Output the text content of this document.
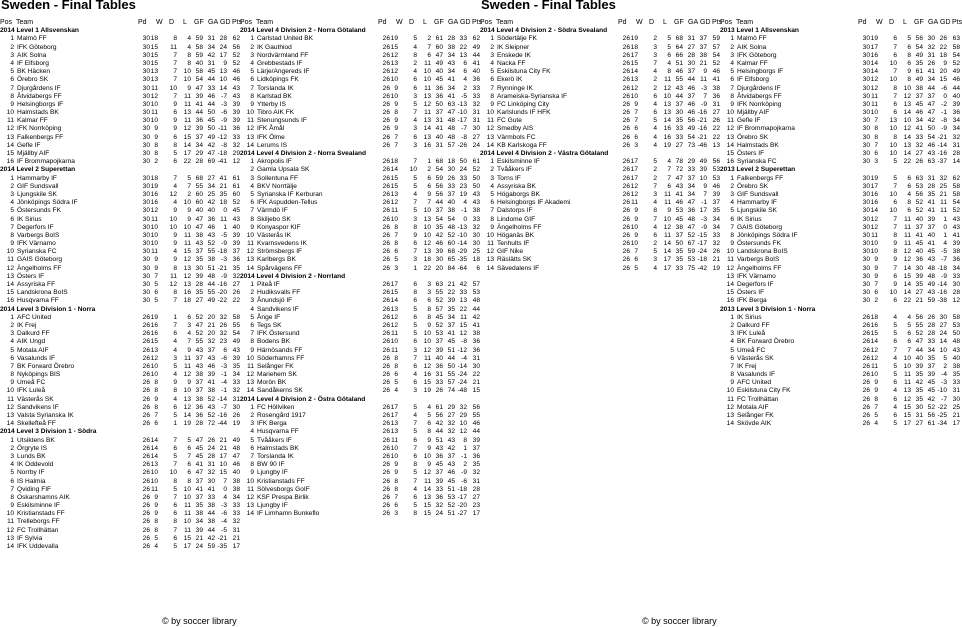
Sweden - Final Tables
Pos Team	Pd W D L GF GA GD Pts
2014 Level 1 Allsvenskan
1 Malmö FF	30 18	8	4 59 31 28 62
2 IFK Göteborg	30 15	11	4 58 34 24 56
3 AIK Solna	30 15	7	8 59 42 17 52
4 IF Elfsborg	30 15	7	8 40 31	9 52
5 BK Häcken	30 13	7	10 58 45 13 46
6 Örebro SK	30 13	7	10 54 44 10 46
7 Djurgårdens IF	30 11	10	9 47 33 14 43
8 Åtvidabergs FF	30 12	7	11 39 46 -7 43
9 Helsingborgs IF	30 10	9	11 41 44 -3 39
10 Halmstads BK	30 11	6	13 44 50 -6 39
11 Kalmar FF	30 10	9	11 36 45 -9 39
12 IFK Norrköping	30 9	9	12 39 50 -11 36
13 Falkenbergs FF	30 9	6	15 37 49 -12 33
14 Gefle IF	30 8	8	14 34 42 -8 32
15 Mjällby AIF	30 8	5	17 29 47 -18 29
16 IF Brommapojkarna	30 2	6	22 28 69 -41 12
2014 Level 2 Superettan
1 Hammarby IF	30 18	7	5 68 27 41 61
2 GIF Sundsvall	30 19	4	7 55 34 21 61
3 Ljungskile SK	30 16	12	2 60 25 35 60
4 Jönköpings Södra IF	30 16	4	10 60 42 18 52
5 Östersunds FK	30 12	9	9 40 40	0 45
6 IK Sirius	30 11	10	9 47 36 11 43
7 Degerfors IF	30 10	10	10 47 46	1 40
8 Varbergs BoIS	30 10	9	11 38 43 -5 39
9 IFK Värnamo	30 10	9	11 43 52 -9 39
10 Syrianska FC	30 11	4	15 37 55 -18 37
11 GAIS Göteborg	30 9	9	12 35 38 -3 36
12 Ängelholms FF	30 9	8	13 30 51 -21 35
13 Östers IF	30 7	11	12 39 48 -9 32
14 Assyriska FF	30 5	12	13 28 44 -16 27
15 Landskrona BoIS	30 6	8	16 35 55 -20 26
16 Husqvarna FF	30 5	7	18 27 49 -22 22
2014 Level 3 Division 1 - Norra
1 AFC United	26 19	1	6 52 20 32 58
2 IK Frej	26 16	7	3 47 21 26 55
3 Dalkurd FF	26 16	6	4 52 20 32 54
4 AIK Ungd	26 15	4	7 55 32 23 49
5 Motala AIF	26 13	4	9 43 37	6 43
6 Vasalunds IF	26 12	3	11 37 43 -6 39
7 BK Forward Örebro	26 10	5	11 43 46 -3 35
8 Nyköpings BIS	26 10	4	12 38 39 -1 34
9 Umeå FC	26 8	9	9 37 41 -4 33
10 IFK Luleå	26 8	8	10 37 38 -1 32
11 Västerås SK	26 9	4	13 38 52 -14 31
12 Sandvikens IF	26 8	6	12 36 43 -7 30
13 Valsta Syrianska IK	26 7	5	14 36 52 -16 26
14 Skellefteå FF	26 6	1	19 28 72 -44 19
2014 Level 3 Division 1 - Södra
1 Utsiktens BK	26 14	7	5 47 26 21 49
2 Örgryte IS	26 14	6	6 45 24 21 48
3 Lunds BK	26 14	5	7 45 28 17 47
4 IK Oddevold	26 13	7	6 41 31 10 46
5 Norrby IF	26 10	10	6 47 32 15 40
6 IS Halmia	26 10	8	8 37 30	7 38
7 Qviding FIF	26 11	5	10 41 41	0 38
8 Oskarshamns AIK	26 9	7	10 37 33	4 34
9 Eskilsminne IF	26 9	6	11 35 38 -3 33
10 Kristianstads FF	26 9	6	11 38 44 -6 33
11 Trelleborgs FF	26 8	8	10 34 38 -4 32
12 FC Trollhättan	26 8	7	11 39 44 -5 31
13 IF Sylvia	26 5	6	15 21 42 -21 21
14 IFK Uddevalla	26 4	5	17 24 59 -35 17
Pos Team	Pd W D L GF GA GD Pts
2014 Level 4 Division 2 - Norra Götaland
1 Carlstad United BK	26 19	5	2 61 28 33 62
2 IK Gauthiod	26 15	4	7 60 38 22 49
3 Nordvärmland FF	26 12	8	6 47 34 13 44
4 Grebbestads IF	26 13	2	11 49 43	6 41
5 Lärje/Angereds IF	26 12	4	10 40 34	6 40
6 Lidköpings FK	26 10	6	10 45 41	4 36
7 Torslanda IK	26 9	6	11 36 34	2 33
8 Karlstad BK	26 10	3	13 36 41 -5 33
9 Ytterby IS	26 9	5	12 50 63 -13 32
10 Tibro AIK FK	26 8	7	11 37 47 -10 31
11 Stenungsunds IF	26 9	4	13 31 48 -17 31
12 IFK Åmål	26 9	3	14 41 48 -7 30
13 IFK Ölme	26 7	6	13 40 48 -8 27
14 Lerums IS	26 7	3	16 31 57 -26 24
2014 Level 4 Division 2 - Norra Svealand
1 Akropolis IF	26 18	7	1 68 18 50 61
2 Gamla Upsala SK	26 14	10	2 54 30 24 52
3 Sollentuna FF	26 15	5	6 59 26 33 50
4 BKV Norrtälje	26 15	5	6 56 33 23 50
5 Syrianska IF Kerburan	26 13	4	9 56 37 19 43
6 IFK Aspudden-Tellus	26 12	7	7 44 40	4 43
7 Värmdö IF	26 11	5	10 37 38 -1 38
8 Skiljebo SK	26 10	3	13 54 54	0 33
9 Konyaspor KIF	26 8	8	10 35 48 -13 32
10 Västerås IK	26 7	9	10 42 52 -10 30
11 Kvarnsvedens IK	26 8	6	12 46 60 -14 30
12 Strömsbergs IF	26 6	7	13 39 68 -29 25
13 Karlbergs BK	26 5	3	18 30 65 -35 18
14 Spårvägens FF	26 3	1	22 20 84 -64	6
2014 Level 4 Division 2 - Norrland
1 Piteå IF	26 17	6	3 63 21 42 57
2 Hudiksvalls FF	26 15	8	3 55 22 33 53
3 Ånundsjö IF	26 14	6	6 52 39 13 48
4 Sandvikens IF	26 13	5	8 57 35 22 44
5 Ånge IF	26 12	6	8 45 34 11 42
6 Tegs SK	26 12	5	9 52 37 15 41
7 IFK Östersund	26 11	5	10 53 41 12 38
8 Bodens BK	26 10	6	10 37 45 -8 36
9 Härnösands FF	26 11	3	12 39 51 -12 36
10 Söderhamns FF	26 8	7	11 40 44 -4 31
11 Selånger FK	26 8	6	12 36 50 -14 30
12 Mariehem SK	26 6	4	16 31 55 -24 22
13 Morön BK	26 5	6	15 33 57 -24 21
14 Sandåkerns SK	26 4	3	19 26 74 -48 15
2014 Level 4 Division 2 - Östra Götaland
1 FC Höllviken	26 17	5	4 61 29 32 56
2 Rosengård 1917	26 17	4	5 56 27 29 55
3 IFK Berga	26 13	7	6 42 32 10 46
4 Husqvarna FF	26 13	5	8 44 32 12 44
5 Tvååkers IF	26 11	6	9 51 43	8 39
6 Halmstads BK	26 10	7	9 43 42	1 37
7 Torslanda IK	26 10	6	10 36 37 -1 36
8 BW 90 IF	26 9	8	9 45 43	2 35
9 Ljungby IF	26 9	5	12 37 46 -9 32
10 Kristianstads FF	26 8	7	11 39 45 -6 31
11 Sölvesborgs GoIF	26 8	4	14 33 51 -18 28
12 KSF Prespa Birlik	26 7	6	13 36 53 -17 27
13 Ljungby IF	26 6	5	15 32 52 -20 23
14 IF Limhamn Bunkeflo	26 3	8	15 24 51 -27 17
© by soccer library
Sweden - Final Tables
Pos Team	Pd W D L GF GA GD Pts
2014 Level 4 Division 2 - Södra Svealand
1 Södertälje FK	26 19	2	5 68 31 37 59
2 IK Sleipner	26 18	3	5 64 27 37 57
3 Enskede IK	26 17	3	6 66 28 38 54
4 Nacka FF	26 15	7	4 51 30 21 52
5 Eskilstuna City FK	26 14	4	8 46 37	9 46
6 Ekerö IK	26 13	2	11 55 44 11 41
7 Rynninge IK	26 12	2	12 43 46 -3 38
8 Arameiska-Syrianska IF	26 10	6	10 44 37	7 36
9 FC Linköping City	26 9	4	13 37 46 -9 31
10 Karlslunds IF HFK	26 7	6	13 30 46 -16 27
11 FC Gute	26 7	5	14 35 56 -21 26
12 Smedby AIS	26 6	4	16 33 49 -16 22
13 Värmbols FC	26 6	4	16 33 54 -21 22
14 KB Karlskoga FF	26 3	4	19 27 73 -46 13
2014 Level 4 Division 2 - Västra Götaland
1 Eskilsminne IF	26 17	5	4 78 29 49 56
2 Tvååkers IF	26 17	2	7 72 33 39 53
3 Torns IF	26 17	2	7 47 37 10 53
4 Assyriska BK	26 12	7	6 43 34	9 46
5 Högaborgs BK	26 12	3	11 41 34	7 39
6 Helsingborgs IF Akademi	26 11	4	11 46 47 -1 37
7 Dalstorps IF	26 9	8	9 53 36 17 35
8 Lindome GIF	26 9	7	10 45 48 -3 34
9 Ängelholms FF	26 10	4	12 38 47 -9 34
10 Höganäs BK	26 9	6	11 37 52 -15 33
11 Tenhults IF	26 10	2	14 50 67 -17 32
12 GIF Nike	26 7	5	14 35 59 -24 26
13 Räslätts SK	26 6	3	17 35 53 -18 21
14 Sävedalens IF	26 5	4	17 33 75 -42 19
Pos Team	Pd W D L GF GA GD Pts
2013 Level 1 Allsvenskan
1 Malmö FF	30 19	6	5 56 30 26 63
2 AIK Solna	30 17	7	6 54 32 22 58
3 IFK Göteborg	30 16	6	8 49 31 18 54
4 Kalmar FF	30 14	10	6 35 26	9 52
5 Helsingborgs IF	30 14	7	9 61 41 20 49
6 IF Elfsborg	30 12	10	8 49 34 15 46
7 Djurgårdens IF	30 12	8	10 38 44 -6 44
8 Åtvidabergs FF	30 11	7	12 37 37	0 40
9 IFK Norrköping	30 11	6	13 45 47 -2 39
10 Mjällby AIF	30 10	6	14 46 47 -1 36
11 Gefle IF	30 7	13	10 34 42 -8 34
12 IF Brommapojkarna	30 8	10	12 41 50 -9 34
13 Örebro SK	30 8	8	14 33 54 -21 32
14 Halmstads BK	30 7	10	13 32 46 -14 31
15 Östers IF	30 6	10	14 27 43 -16 28
16 Syrianska FC	30 3	5	22 26 63 -37 14
2013 Level 2 Superettan
1 Falkenbergs FF	30 19	5	6 63 31 32 62
2 Örebro SK	30 17	7	6 53 28 25 58
3 GIF Sundsvall	30 16	10	4 56 35 21 58
4 Hammarby IF	30 16	6	8 52 41 11 54
5 Ljungskile SK	30 14	10	6 52 41 11 52
6 IK Sirius	30 12	7	11 40 39	1 43
7 GAIS Göteborg	30 12	7	11 37 37	0 43
8 Jönköpings Södra IF	30 11	8	11 41 40	1 41
9 Östersunds FK	30 10	9	11 45 41	4 39
10 Landskrona BoIS	30 10	8	12 40 45 -5 38
11 Varbergs BoIS	30 9	9	12 36 43 -7 36
12 Ängelholms FF	30 9	7	14 30 48 -18 34
13 IFK Värnamo	30 9	6	15 39 48 -9 33
14 Degerfors IF	30 7	9	14 35 49 -14 30
15 Östers IF	30 6	10	14 27 43 -16 28
16 IFK Berga	30 2	6	22 21 59 -38 12
2013 Level 3 Division 1 - Norra
1 IK Sirius	26 18	4	4 56 26 30 58
2 Dalkurd FF	26 16	5	5 55 28 27 53
3 IFK Luleå	26 15	5	6 52 28 24 50
4 BK Forward Örebro	26 14	6	6 47 33 14 48
5 Umeå FC	26 12	7	7 44 34 10 43
6 Västerås SK	26 12	4	10 40 35	5 40
7 IK Frej	26 11	5	10 39 37	2 38
8 Vasalunds IF	26 10	5	11 35 39 -4 35
9 AFC United	26 9	6	11 42 45 -3 33
10 Eskilstuna City FK	26 9	4	13 35 45 -10 31
11 FC Trollhättan	26 8	6	12 35 42 -7 30
12 Motala AIF	26 7	4	15 30 52 -22 25
13 Selånger FK	26 5	6	15 31 56 -25 21
14 Skövde AIK	26 4	5	17 27 61 -34 17
© by soccer library
